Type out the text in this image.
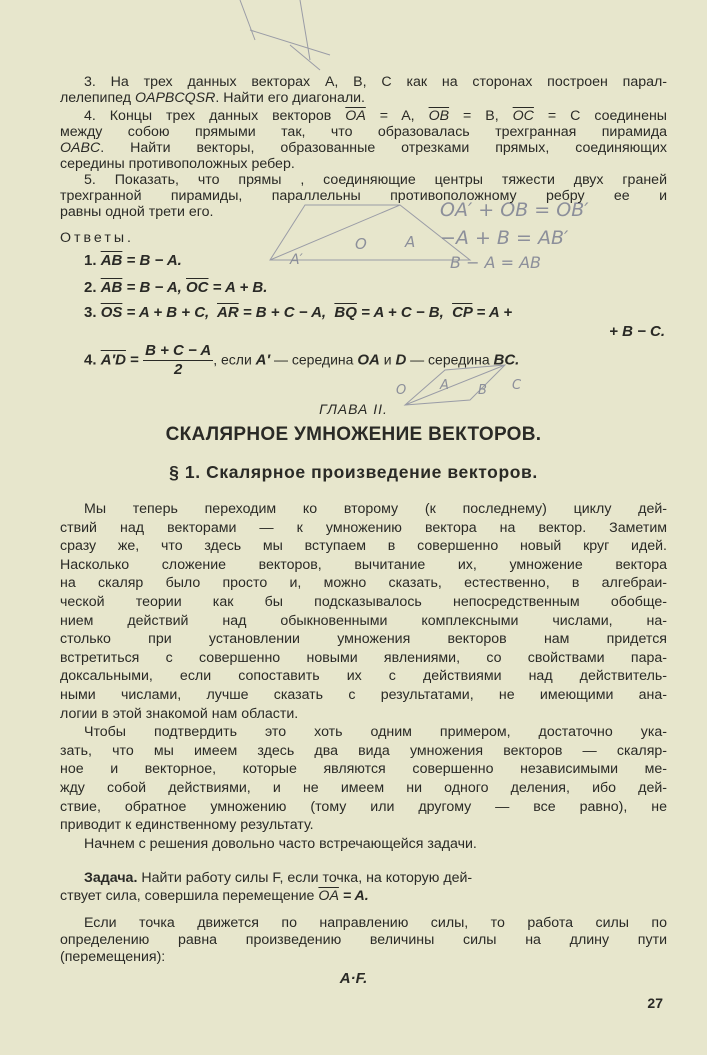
OA′ + OB = OB′
−A + B = AB′
B − A = AB
A′
O	A
A	C
O	B
3. На трех данных векторах A, B, C как на сторонах построен парал-
лелепипед OAPBCQSR. Найти его диагонали.
4. Концы трех данных векторов $\overline{OA} = A$, $\overline{OB} = B$, $\overline{OC} = C$ соединены
между собою прямыми так, что образовалась трехгранная пирамида
OABC. Найти векторы, образованные отрезками прямых, соединяющих
середины противоположных ребер.
5. Показать, что прямы , соединяющие центры тяжести двух граней
трехгранной пирамиды, параллельны противоположному ребру ее и
равны одной трети его.
Ответы.
1. $\overline{AB} = B - A$.
2. $\overline{AB} = B - A$, $\overline{OC} = A + B$.
3. $\overline{OS} = A + B + C$,  $\overline{AR} = B + C - A$,  $\overline{BQ} = A + C - B$,  $\overline{CP} = A$ +
+ B − C.
4. $A'D = \frac{B + C - A}{2}$ , если A′ — середина OA и D — середина BC.
ГЛАВА II.
СКАЛЯРНОЕ УМНОЖЕНИЕ ВЕКТОРОВ.
§ 1. Скалярное произведение векторов.
Мы теперь переходим ко второму (к последнему) циклу дей-
ствий над векторами — к умножению вектора на вектор. Заметим
сразу же, что здесь мы вступаем в совершенно новый круг идей.
Насколько сложение векторов, вычитание их, умножение вектора
на скаляр было просто и, можно сказать, естественно, в алгебраи-
ческой теории как бы подсказывалось непосредственным обобще-
нием действий над обыкновенными комплексными числами, на-
столько при установлении умножения векторов нам придется
встретиться с совершенно новыми явлениями, со свойствами пара-
доксальными, если сопоставить их с действиями над действитель-
ными числами, лучше сказать с результатами, не имеющими ана-
логии в этой знакомой нам области.
Чтобы подтвердить это хоть одним примером, достаточно ука-
зать, что мы имеем здесь два вида умножения векторов — скаляр-
ное и векторное, которые являются совершенно независимыми ме-
жду собой действиями, и не имеем ни одного деления, ибо дей-
ствие, обратное умножению (тому или другому — все равно), не
приводит к единственному результату.
Начнем с решения довольно часто встречающейся задачи.
Задача. Найти работу силы F, если точка, на которую дей-
ствует сила, совершила перемещение $\overline{OA} = A$.
Если точка движется по направлению силы, то работа силы по
определению равна произведению величины силы на длину пути
(перемещения):
A·F.
27
